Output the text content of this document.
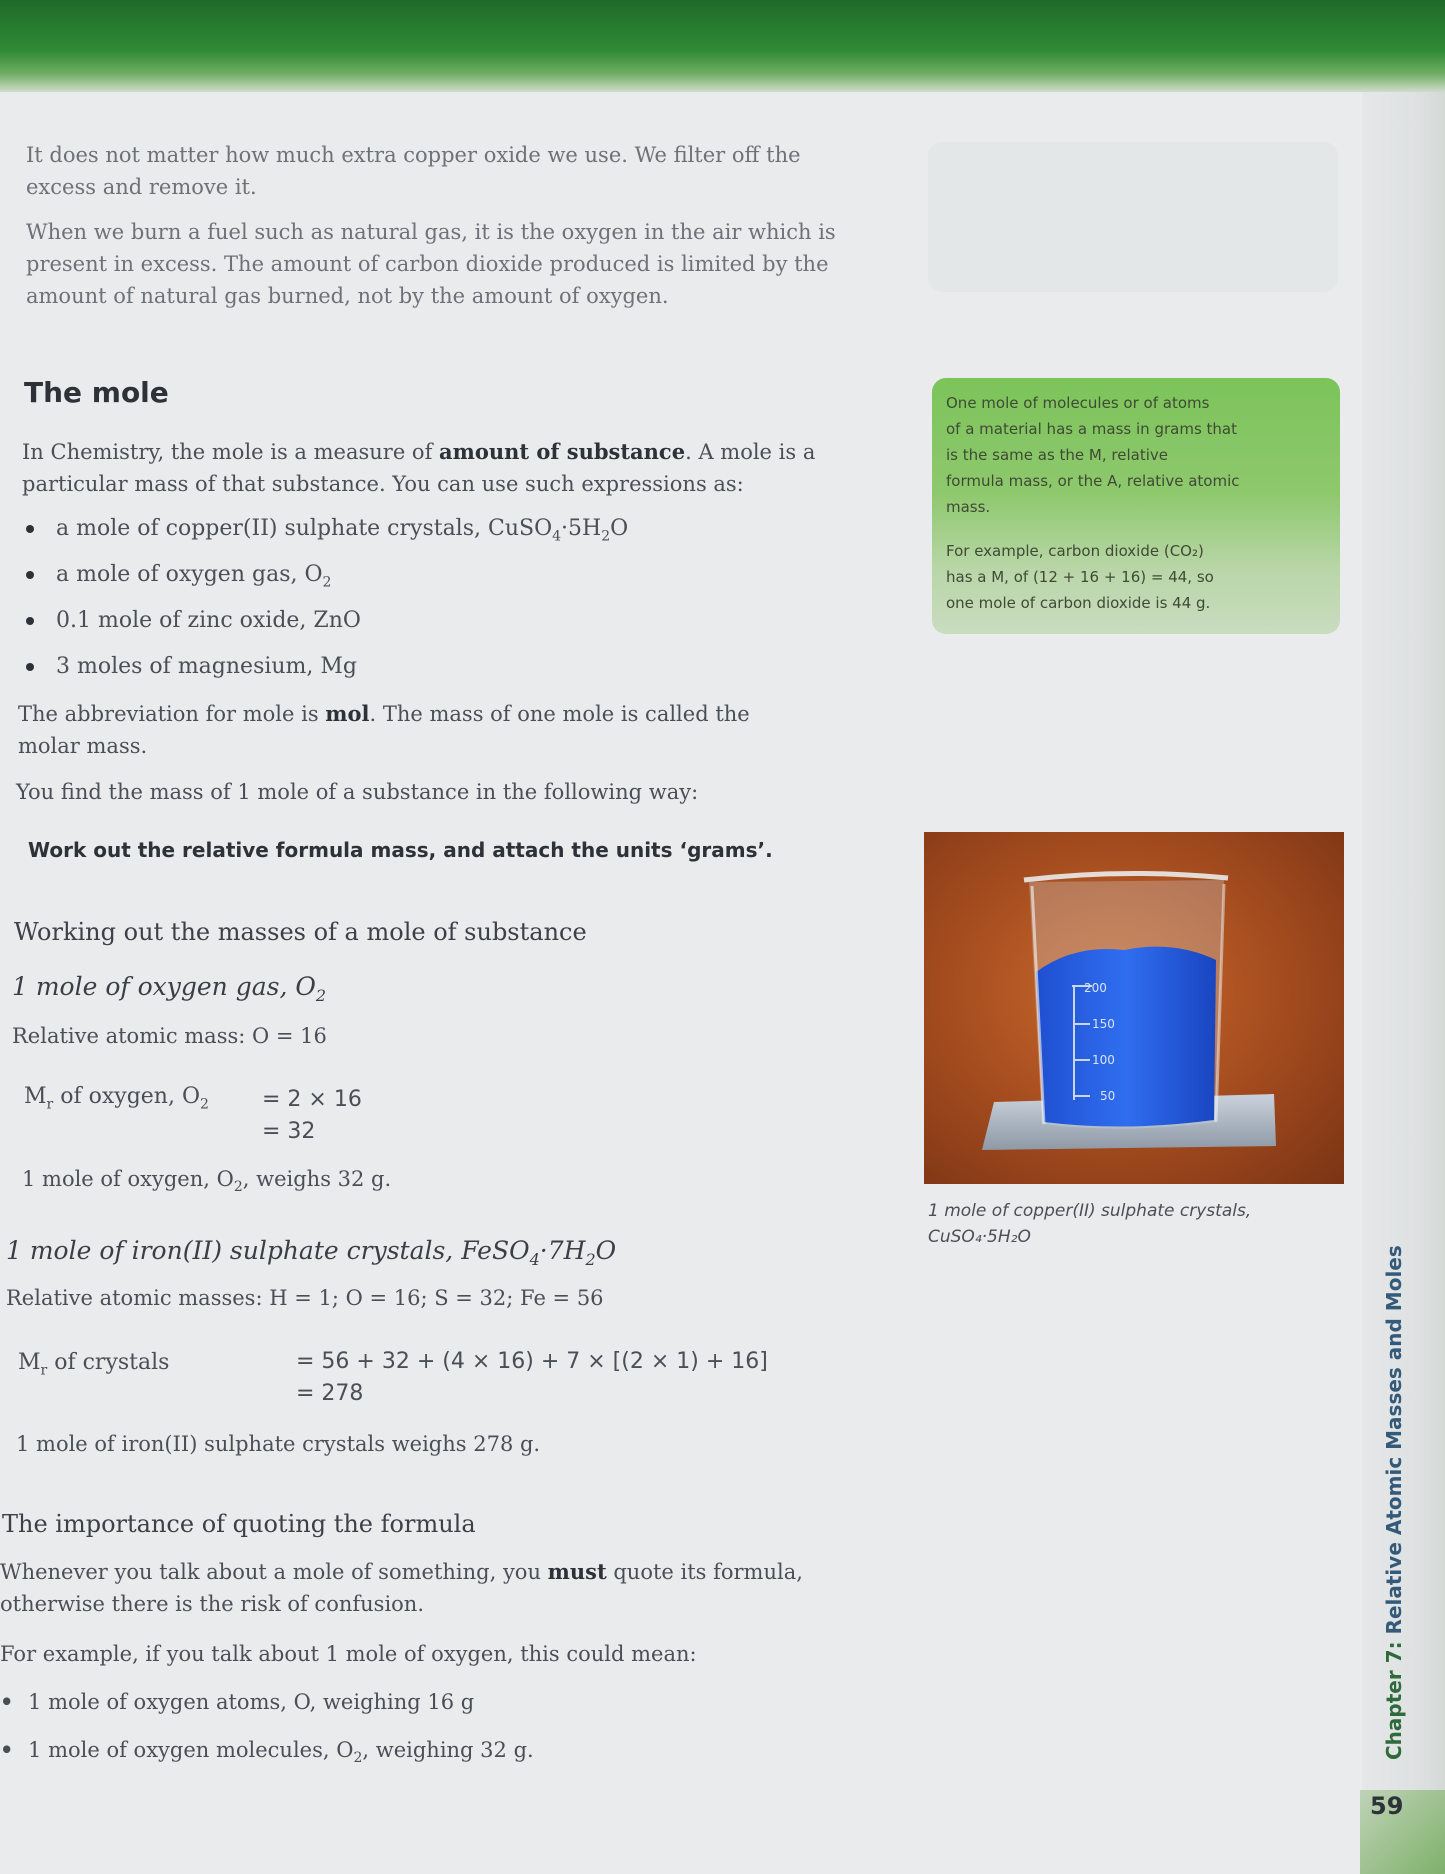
It does not matter how much extra copper oxide we use. We filter off the

excess and remove it.

When we burn a fuel such as natural gas, it is the oxygen in the air which is

present in excess. The amount of carbon dioxide produced is limited by the

amount of natural gas burned, not by the amount of oxygen.

The mole

In Chemistry, the mole is a measure of amount of substance. A mole is a

particular mass of that substance. You can use such expressions as:

a mole of copper(II) sulphate crystals, $CuSO_4\cdot 5H_2O$
a mole of oxygen gas, $O_2$
0.1 mole of zinc oxide, ZnO
3 moles of magnesium, Mg

The abbreviation for mole is mol. The mass of one mole is called the

molar mass.

You find the mass of 1 mole of a substance in the following way:

Work out the relative formula mass, and attach the units ‘grams’.
Working out the masses of a mole of substance
1 mole of oxygen gas, $O_2$

Relative atomic mass: O = 16

$M_r$ of oxygen, $O_2 = 2 \times 16$
= 32

1 mole of oxygen, $O_2$, weighs 32 g.

1 mole of iron(II) sulphate crystals, $FeSO_4\cdot 7H_2O$

Relative atomic masses: H = 1; O = 16; S = 32; Fe = 56

$M_r$ of crystals	= 56 + 32 + (4 × 16) + 7 × [(2 × 1) + 16]
= 278

1 mole of iron(II) sulphate crystals weighs 278 g.

The importance of quoting the formula

Whenever you talk about a mole of something, you must quote its formula,

otherwise there is the risk of confusion.

For example, if you talk about 1 mole of oxygen, this could mean:

•  1 mole of oxygen atoms, O, weighing 16 g

•  1 mole of oxygen molecules, $O_2$, weighing 32 g.

One mole of molecules or of atoms

of a material has a mass in grams that

is the same as the M, relative

formula mass, or the A, relative atomic

mass.

For example, carbon dioxide (CO₂)

has a M, of (12 + 16 + 16) = 44, so

one mole of carbon dioxide is 44 g.

200
150
100
50
1 mole of copper(II) sulphate crystals,
CuSO₄·5H₂O
Chapter 7: Relative Atomic Masses and Moles
59
